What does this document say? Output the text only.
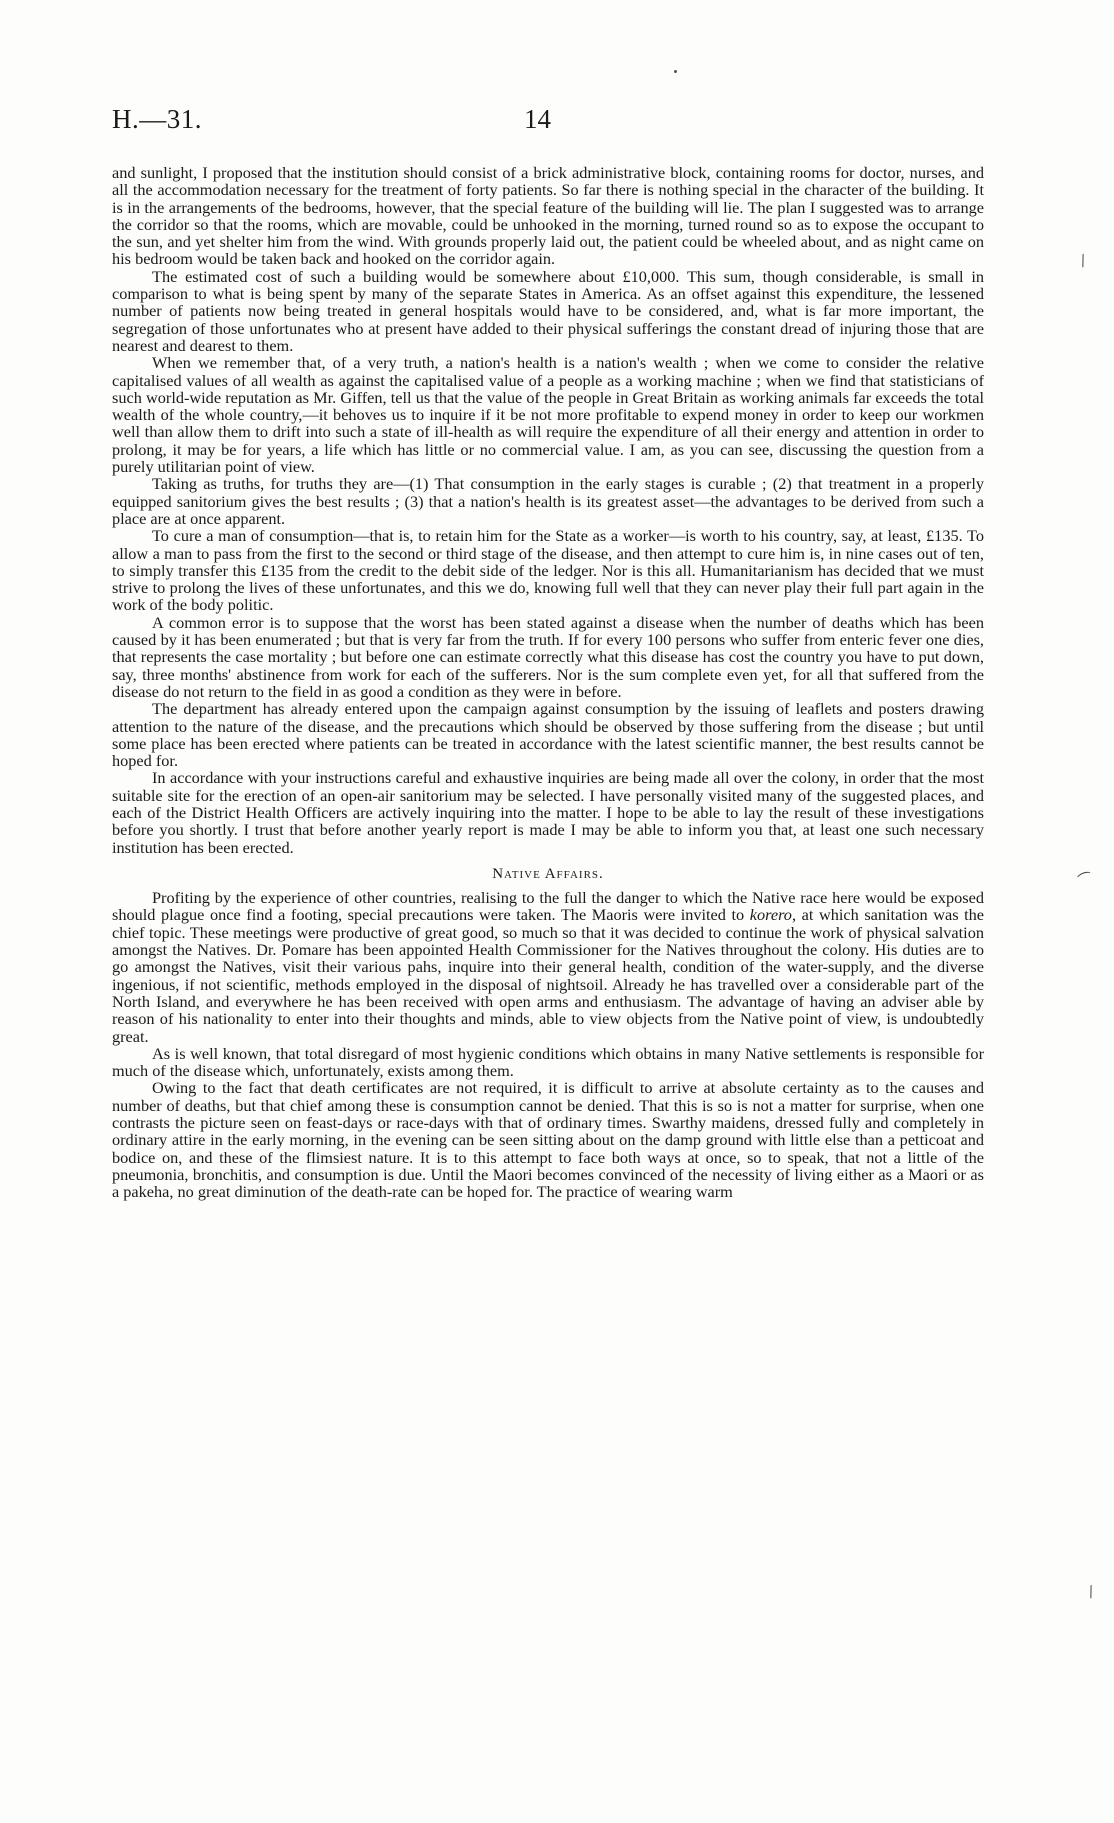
H.—31.	14

and sunlight, I proposed that the institution should consist of a brick administrative block, containing rooms for doctor, nurses, and all the accommodation necessary for the treatment of forty patients. So far there is nothing special in the character of the building. It is in the arrangements of the bedrooms, however, that the special feature of the building will lie. The plan I suggested was to arrange the corridor so that the rooms, which are movable, could be unhooked in the morning, turned round so as to expose the occupant to the sun, and yet shelter him from the wind. With grounds properly laid out, the patient could be wheeled about, and as night came on his bedroom would be taken back and hooked on the corridor again.

The estimated cost of such a building would be somewhere about £10,000. This sum, though considerable, is small in comparison to what is being spent by many of the separate States in America. As an offset against this expenditure, the lessened number of patients now being treated in general hospitals would have to be considered, and, what is far more important, the segregation of those unfortunates who at present have added to their physical sufferings the constant dread of injuring those that are nearest and dearest to them.

When we remember that, of a very truth, a nation's health is a nation's wealth ; when we come to consider the relative capitalised values of all wealth as against the capitalised value of a people as a working machine ; when we find that statisticians of such world-wide reputation as Mr. Giffen, tell us that the value of the people in Great Britain as working animals far exceeds the total wealth of the whole country,—it behoves us to inquire if it be not more profitable to expend money in order to keep our workmen well than allow them to drift into such a state of ill-health as will require the expenditure of all their energy and attention in order to prolong, it may be for years, a life which has little or no commercial value. I am, as you can see, discussing the question from a purely utilitarian point of view.

Taking as truths, for truths they are—(1) That consumption in the early stages is curable ; (2) that treatment in a properly equipped sanitorium gives the best results ; (3) that a nation's health is its greatest asset—the advantages to be derived from such a place are at once apparent.

To cure a man of consumption—that is, to retain him for the State as a worker—is worth to his country, say, at least, £135. To allow a man to pass from the first to the second or third stage of the disease, and then attempt to cure him is, in nine cases out of ten, to simply transfer this £135 from the credit to the debit side of the ledger. Nor is this all. Humanitarianism has decided that we must strive to prolong the lives of these unfortunates, and this we do, knowing full well that they can never play their full part again in the work of the body politic.

A common error is to suppose that the worst has been stated against a disease when the number of deaths which has been caused by it has been enumerated ; but that is very far from the truth. If for every 100 persons who suffer from enteric fever one dies, that represents the case mortality ; but before one can estimate correctly what this disease has cost the country you have to put down, say, three months' abstinence from work for each of the sufferers. Nor is the sum complete even yet, for all that suffered from the disease do not return to the field in as good a condition as they were in before.

The department has already entered upon the campaign against consumption by the issuing of leaflets and posters drawing attention to the nature of the disease, and the precautions which should be observed by those suffering from the disease ; but until some place has been erected where patients can be treated in accordance with the latest scientific manner, the best results cannot be hoped for.

In accordance with your instructions careful and exhaustive inquiries are being made all over the colony, in order that the most suitable site for the erection of an open-air sanitorium may be selected. I have personally visited many of the suggested places, and each of the District Health Officers are actively inquiring into the matter. I hope to be able to lay the result of these investigations before you shortly. I trust that before another yearly report is made I may be able to inform you that, at least one such necessary institution has been erected.

Native Affairs.

Profiting by the experience of other countries, realising to the full the danger to which the Native race here would be exposed should plague once find a footing, special precautions were taken. The Maoris were invited to korero, at which sanitation was the chief topic. These meetings were productive of great good, so much so that it was decided to continue the work of physical salvation amongst the Natives. Dr. Pomare has been appointed Health Commissioner for the Natives throughout the colony. His duties are to go amongst the Natives, visit their various pahs, inquire into their general health, condition of the water-supply, and the diverse ingenious, if not scientific, methods employed in the disposal of nightsoil. Already he has travelled over a considerable part of the North Island, and everywhere he has been received with open arms and enthusiasm. The advantage of having an adviser able by reason of his nationality to enter into their thoughts and minds, able to view objects from the Native point of view, is undoubtedly great.

As is well known, that total disregard of most hygienic conditions which obtains in many Native settlements is responsible for much of the disease which, unfortunately, exists among them.

Owing to the fact that death certificates are not required, it is difficult to arrive at absolute certainty as to the causes and number of deaths, but that chief among these is consumption cannot be denied. That this is so is not a matter for surprise, when one contrasts the picture seen on feast-days or race-days with that of ordinary times. Swarthy maidens, dressed fully and completely in ordinary attire in the early morning, in the evening can be seen sitting about on the damp ground with little else than a petticoat and bodice on, and these of the flimsiest nature. It is to this attempt to face both ways at once, so to speak, that not a little of the pneumonia, bronchitis, and consumption is due. Until the Maori becomes convinced of the necessity of living either as a Maori or as a pakeha, no great diminution of the death-rate can be hoped for. The practice of wearing warm

⁄
⁀
⁄
